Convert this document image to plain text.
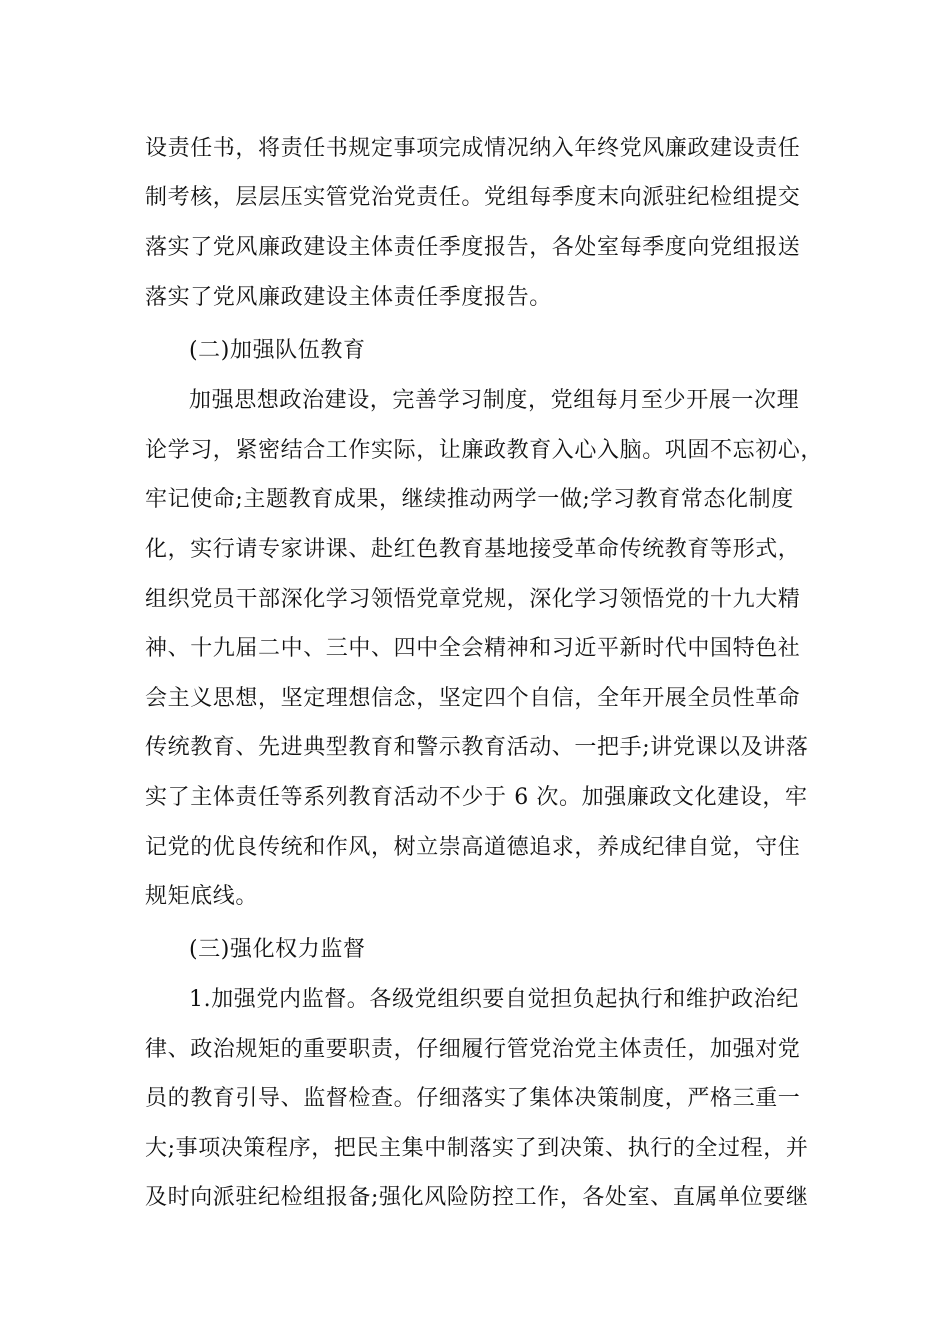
设责任书，将责任书规定事项完成情况纳入年终党风廉政建设责任
制考核，层层压实管党治党责任。党组每季度末向派驻纪检组提交
落实了党风廉政建设主体责任季度报告，各处室每季度向党组报送
落实了党风廉政建设主体责任季度报告。
(二)加强队伍教育
加强思想政治建设，完善学习制度，党组每月至少开展一次理
论学习，紧密结合工作实际，让廉政教育入心入脑。巩固不忘初心，
牢记使命;主题教育成果，继续推动两学一做;学习教育常态化制度
化，实行请专家讲课、赴红色教育基地接受革命传统教育等形式，
组织党员干部深化学习领悟党章党规，深化学习领悟党的十九大精
神、十九届二中、三中、四中全会精神和习近平新时代中国特色社
会主义思想，坚定理想信念，坚定四个自信，全年开展全员性革命
传统教育、先进典型教育和警示教育活动、一把手;讲党课以及讲落
实了主体责任等系列教育活动不少于 6 次。加强廉政文化建设，牢
记党的优良传统和作风，树立崇高道德追求，养成纪律自觉，守住
规矩底线。
(三)强化权力监督
1.加强党内监督。各级党组织要自觉担负起执行和维护政治纪
律、政治规矩的重要职责，仔细履行管党治党主体责任，加强对党
员的教育引导、监督检查。仔细落实了集体决策制度，严格三重一
大;事项决策程序，把民主集中制落实了到决策、执行的全过程，并
及时向派驻纪检组报备;强化风险防控工作，各处室、直属单位要继
